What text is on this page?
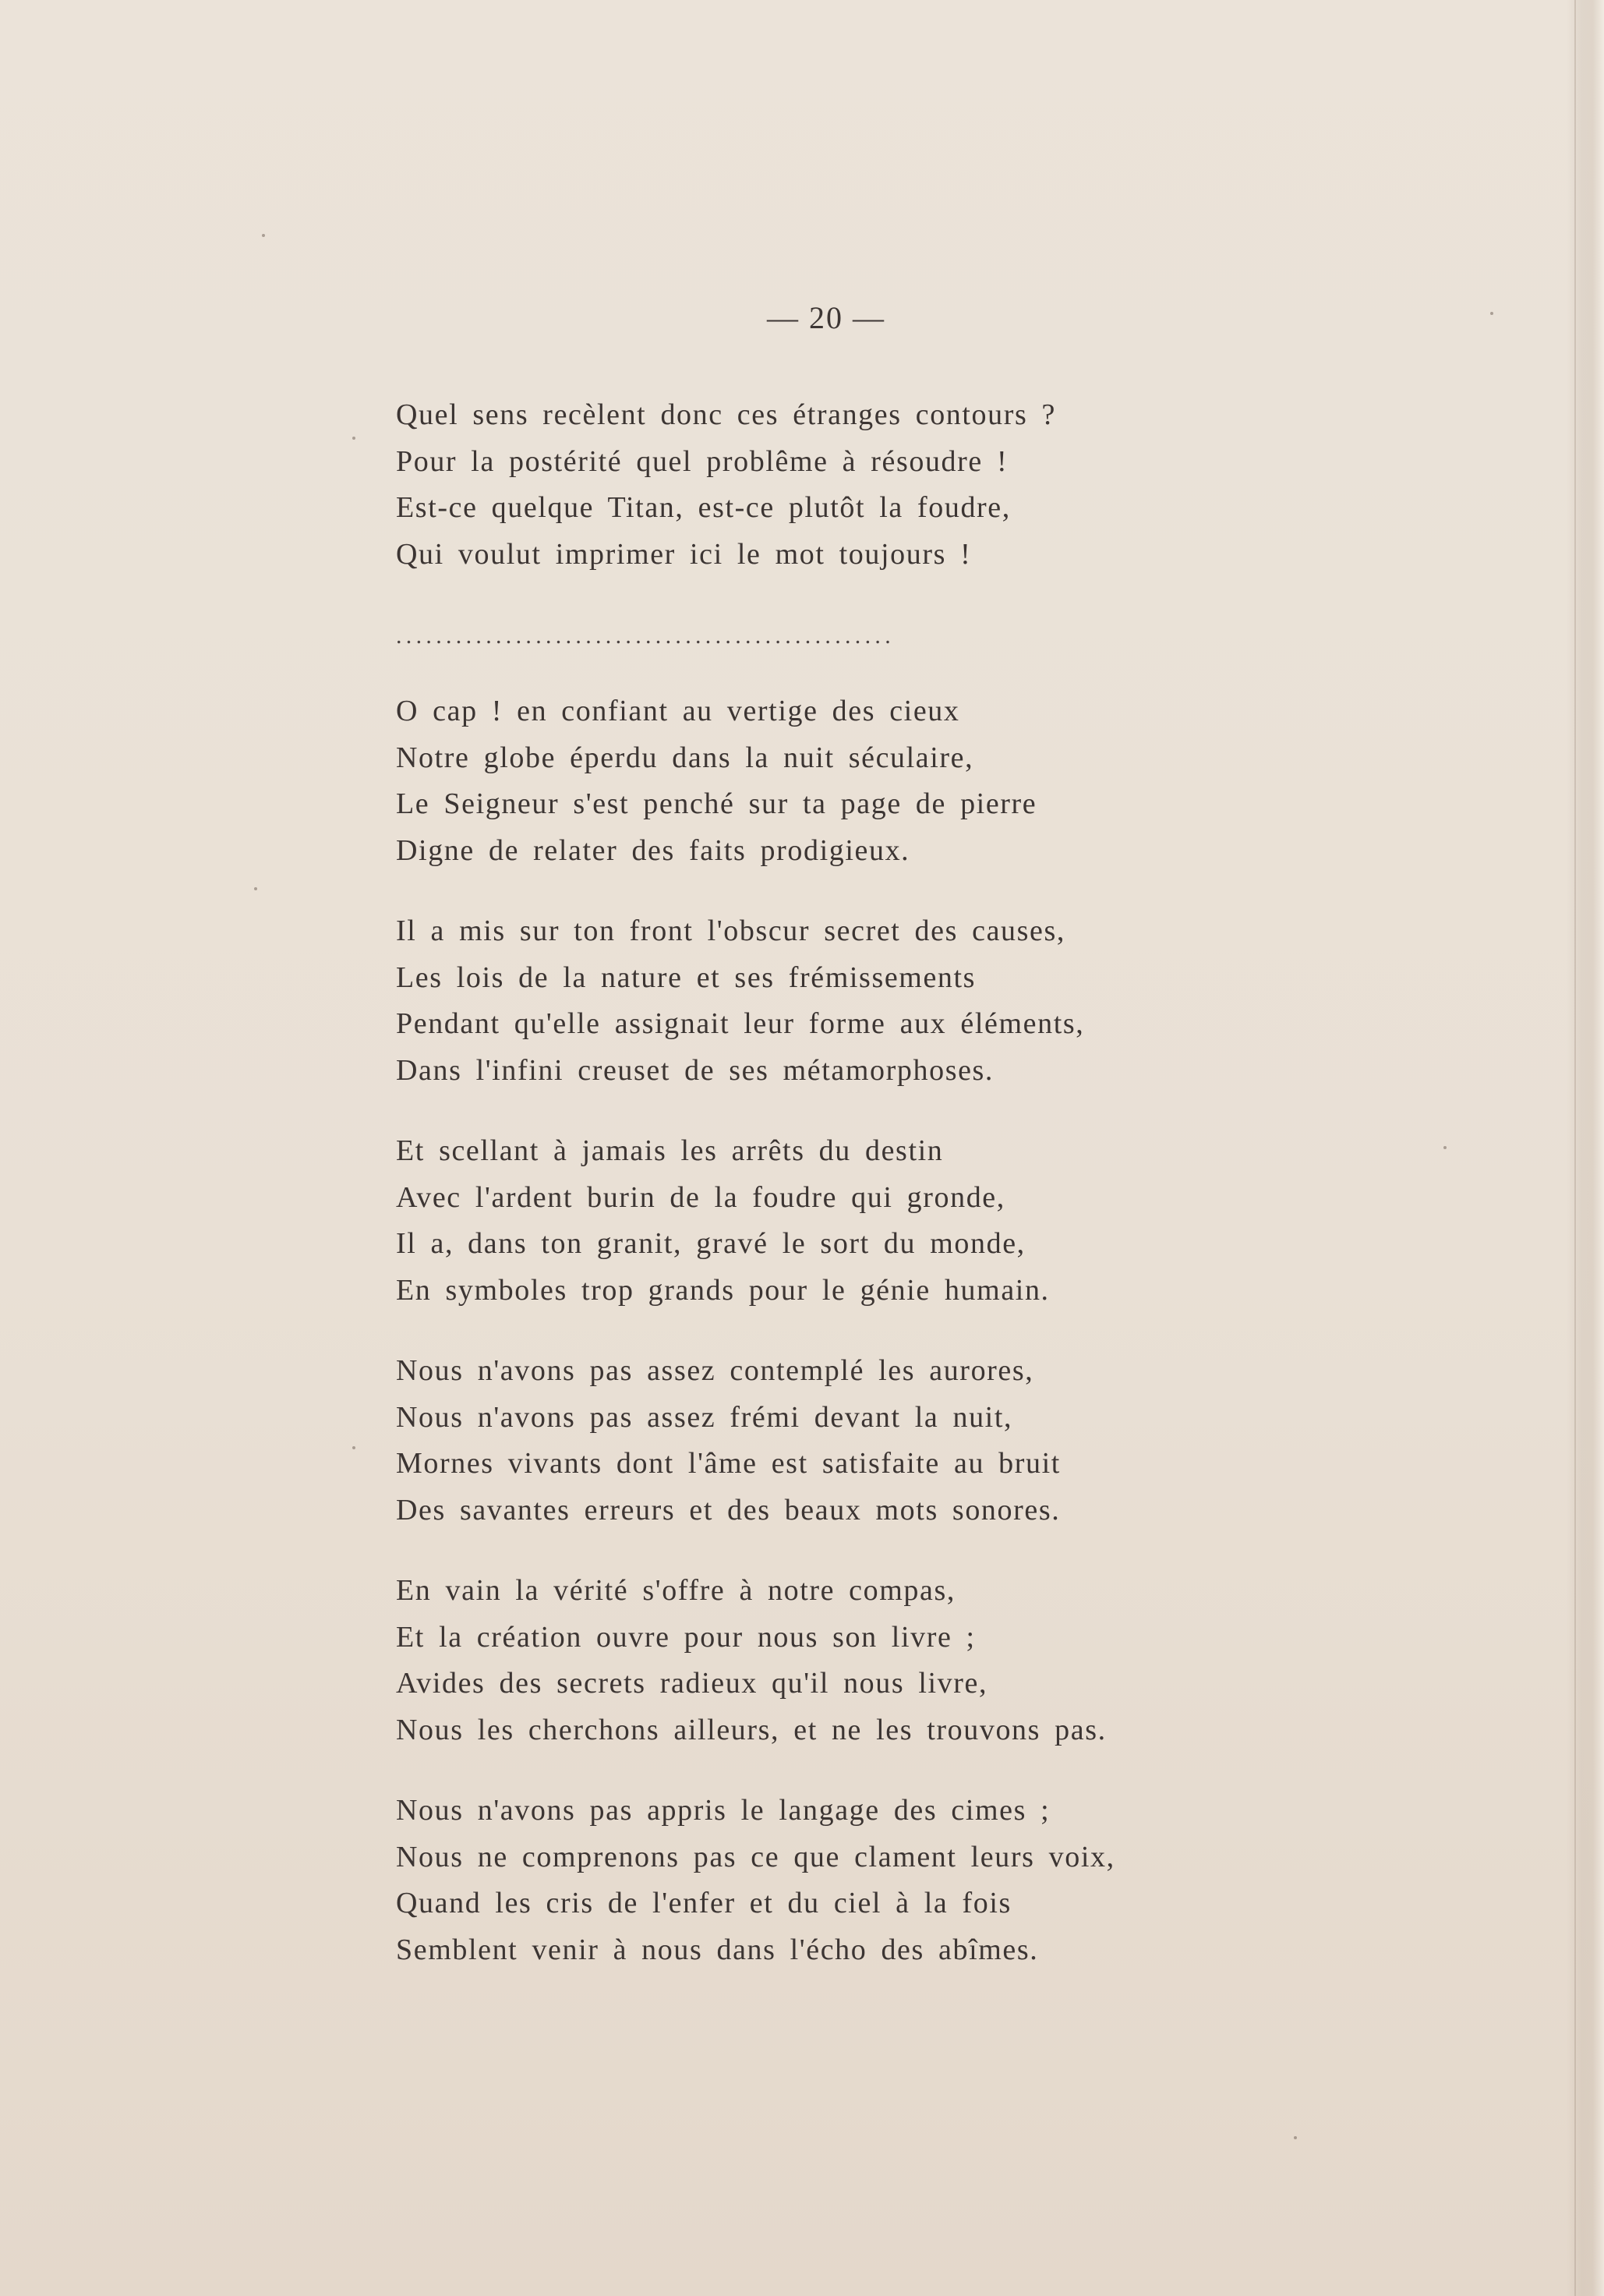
— 20 —
Quel sens recèlent donc ces étranges contours ?
Pour la postérité quel problême à résoudre !
Est-ce quelque Titan, est-ce plutôt la foudre,
Qui voulut imprimer ici le mot toujours !
..................................................
O cap ! en confiant au vertige des cieux
Notre globe éperdu dans la nuit séculaire,
Le Seigneur s'est penché sur ta page de pierre
Digne de relater des faits prodigieux.
Il a mis sur ton front l'obscur secret des causes,
Les lois de la nature et ses frémissements
Pendant qu'elle assignait leur forme aux éléments,
Dans l'infini creuset de ses métamorphoses.
Et scellant à jamais les arrêts du destin
Avec l'ardent burin de la foudre qui gronde,
Il a, dans ton granit, gravé le sort du monde,
En symboles trop grands pour le génie humain.
Nous n'avons pas assez contemplé les aurores,
Nous n'avons pas assez frémi devant la nuit,
Mornes vivants dont l'âme est satisfaite au bruit
Des savantes erreurs et des beaux mots sonores.
En vain la vérité s'offre à notre compas,
Et la création ouvre pour nous son livre ;
Avides des secrets radieux qu'il nous livre,
Nous les cherchons ailleurs, et ne les trouvons pas.
Nous n'avons pas appris le langage des cimes ;
Nous ne comprenons pas ce que clament leurs voix,
Quand les cris de l'enfer et du ciel à la fois
Semblent venir à nous dans l'écho des abîmes.
